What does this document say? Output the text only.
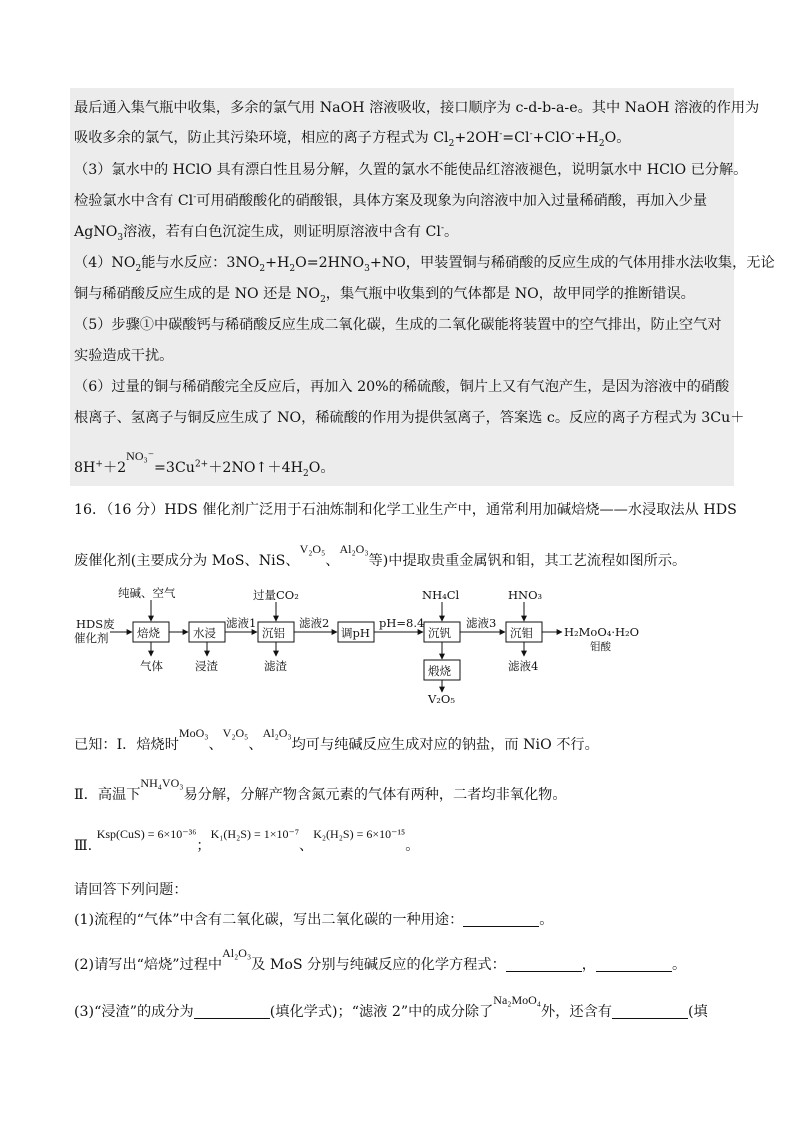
最后通入集气瓶中收集，多余的氯气用 NaOH 溶液吸收，接口顺序为 c-d-b-a-e。其中 NaOH 溶液的作用为
吸收多余的氯气，防止其污染环境，相应的离子方程式为 $Cl_2+2OH^-=Cl^-+ClO^-+H_2O$。
（3）氯水中的 HClO 具有漂白性且易分解，久置的氯水不能使品红溶液褪色，说明氯水中 HClO 已分解。
检验氯水中含有 Cl-可用硝酸酸化的硝酸银，具体方案及现象为向溶液中加入过量稀硝酸，再加入少量
AgNO$_3$溶液，若有白色沉淀生成，则证明原溶液中含有 Cl-。
$(4)NO_2$能与水反应：$3NO_2+H_2O=2HNO_3+NO$，甲装置铜与稀硝酸的反应生成的气体用排水法收集，无论
铜与稀硝酸反应生成的是 NO 还是 $NO_2$，集气瓶中收集到的气体都是 NO，故甲同学的推断错误。
（5）步骤①中碳酸钙与稀硝酸反应生成二氧化碳，生成的二氧化碳能将装置中的空气排出，防止空气对
实验造成干扰。
（6）过量的铜与稀硝酸完全反应后，再加入 20%的稀硫酸，铜片上又有气泡产生，是因为溶液中的硝酸
根离子、氢离子与铜反应生成了 NO，稀硫酸的作用为提供氢离子，答案选 c。反应的离子方程式为 3Cu＋
$8H^++2^{NO_3^-}=3Cu^{2+}+2NO↑+4H_2O$。
16．（16 分）HDS 催化剂广泛用于石油炼制和化学工业生产中，通常利用加碱焙烧——水浸取法从 HDS
废催化剂(主要成分为 MoS、NiS、$^{V_2O_5}$、$^{Al_2O_3}$等)中提取贵重金属钒和钼，其工艺流程如图所示。
HDS废
催化剂
纯碱、空气
焙烧	水浸	沉铝	调pH	沉钒	沉钼
煅烧
气体	浸渣	滤渣	滤液4
滤液1	滤液2	pH=8.4	滤液3
过量CO₂	NH₄Cl	HNO₃
H₂MoO₄·H₂O
钼酸
V₂O₅
已知：Ⅰ．焙烧时$^{MoO_3}$、$^{V_2O_5}$、$^{Al_2O_3}$均可与纯碱反应生成对应的钠盐，而 NiO 不行。
Ⅱ．高温下$^{NH_4VO_3}$易分解，分解产物含氮元素的气体有两种，二者均非氧化物。
Ⅲ. $^{Ksp(CuS) = 6\times 10^{-36}}$；$^{K_1(H_2S) = 1\times 10^{-7}}$、$^{K_2(H_2S) = 6\times 10^{-15}}$。
请回答下列问题：
(1)流程的“气体”中含有二氧化碳，写出二氧化碳的一种用途：	。
(2)请写出“焙烧”过程中$^{Al_2O_3}$及 MoS 分别与纯碱反应的化学方程式：	，	。
(3)“浸渣”的成分为	(填化学式)；“滤液 2”中的成分除了$^{Na_2MoO_4}$外，还含有	(填
